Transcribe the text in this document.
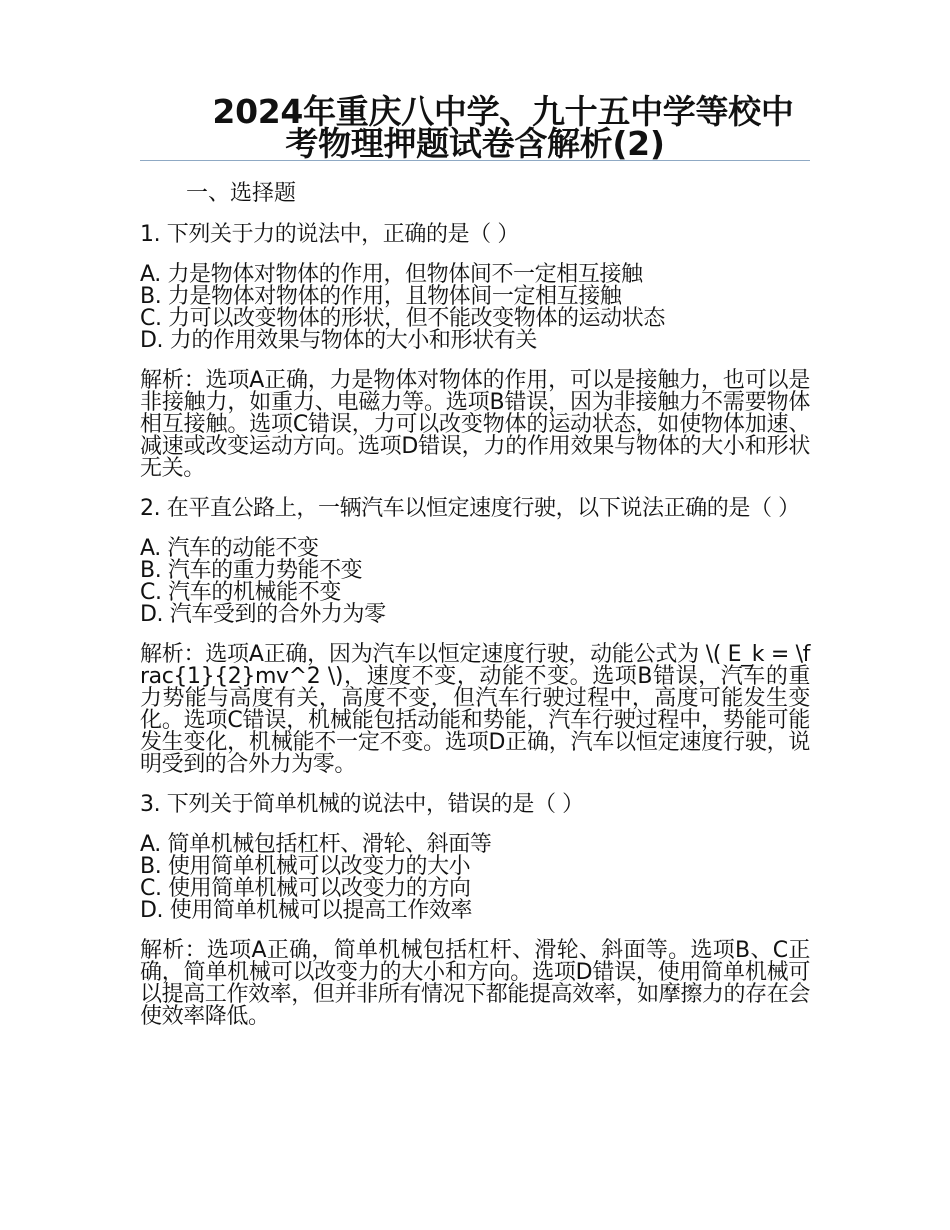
2024年重庆八中学、九十五中学等校中
考物理押题试卷含解析(2)
一、选择题
1. 下列关于力的说法中，正确的是（ ）
A. 力是物体对物体的作用，但物体间不一定相互接触
B. 力是物体对物体的作用，且物体间一定相互接触
C. 力可以改变物体的形状，但不能改变物体的运动状态
D. 力的作用效果与物体的大小和形状有关
解析：选项A正确，力是物体对物体的作用，可以是接触力，也可以是非接触力，如重力、电磁力等。选项B错误，因为非接触力不需要物体相互接触。选项C错误，力可以改变物体的运动状态，如使物体加速、减速或改变运动方向。选项D错误，力的作用效果与物体的大小和形状无关。
2. 在平直公路上，一辆汽车以恒定速度行驶，以下说法正确的是（ ）
A. 汽车的动能不变
B. 汽车的重力势能不变
C. 汽车的机械能不变
D. 汽车受到的合外力为零
解析：选项A正确，因为汽车以恒定速度行驶，动能公式为 \( E_k = \frac{1}{2}mv^2 \)，速度不变，动能不变。选项B错误，汽车的重力势能与高度有关，高度不变，但汽车行驶过程中，高度可能发生变化。选项C错误，机械能包括动能和势能，汽车行驶过程中，势能可能发生变化，机械能不一定不变。选项D正确，汽车以恒定速度行驶，说明受到的合外力为零。
3. 下列关于简单机械的说法中，错误的是（ ）
A. 简单机械包括杠杆、滑轮、斜面等
B. 使用简单机械可以改变力的大小
C. 使用简单机械可以改变力的方向
D. 使用简单机械可以提高工作效率
解析：选项A正确，简单机械包括杠杆、滑轮、斜面等。选项B、C正确，简单机械可以改变力的大小和方向。选项D错误，使用简单机械可以提高工作效率，但并非所有情况下都能提高效率，如摩擦力的存在会使效率降低。
